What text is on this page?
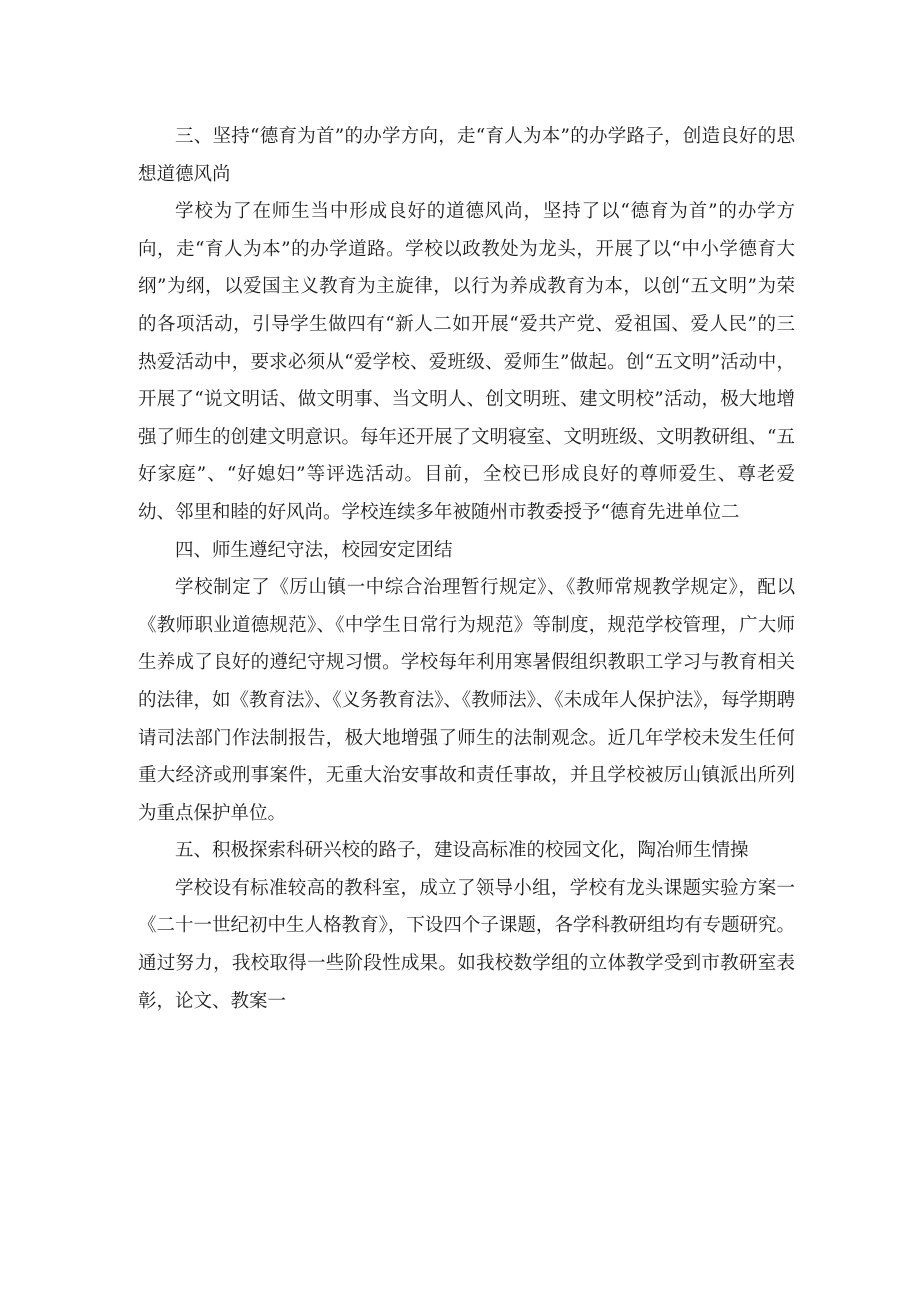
三、坚持“德育为首”的办学方向，走“育人为本”的办学路子，创造良好的思想道德风尚

学校为了在师生当中形成良好的道德风尚，坚持了以“德育为首”的办学方向，走“育人为本”的办学道路。学校以政教处为龙头，开展了以“中小学德育大纲”为纲，以爱国主义教育为主旋律，以行为养成教育为本，以创“五文明”为荣的各项活动，引导学生做四有“新人二如开展“爱共产党、爱祖国、爱人民”的三热爱活动中，要求必须从“爱学校、爱班级、爱师生”做起。创“五文明”活动中，开展了“说文明话、做文明事、当文明人、创文明班、建文明校”活动，极大地增强了师生的创建文明意识。每年还开展了文明寝室、文明班级、文明教研组、“五好家庭”、“好媳妇”等评选活动。目前，全校已形成良好的尊师爱生、尊老爱幼、邻里和睦的好风尚。学校连续多年被随州市教委授予“德育先进单位二

四、师生遵纪守法，校园安定团结

学校制定了《厉山镇一中综合治理暂行规定》、《教师常规教学规定》，配以《教师职业道德规范》、《中学生日常行为规范》等制度，规范学校管理，广大师生养成了良好的遵纪守规习惯。学校每年利用寒暑假组织教职工学习与教育相关的法律，如《教育法》、《义务教育法》、《教师法》、《未成年人保护法》，每学期聘请司法部门作法制报告，极大地增强了师生的法制观念。近几年学校未发生任何重大经济或刑事案件，无重大治安事故和责任事故，并且学校被厉山镇派出所列为重点保护单位。

五、积极探索科研兴校的路子，建设高标准的校园文化，陶冶师生情操

学校设有标准较高的教科室，成立了领导小组，学校有龙头课题实验方案一《二十一世纪初中生人格教育》，下设四个子课题，各学科教研组均有专题研究。通过努力，我校取得一些阶段性成果。如我校数学组的立体教学受到市教研室表彰，论文、教案一
